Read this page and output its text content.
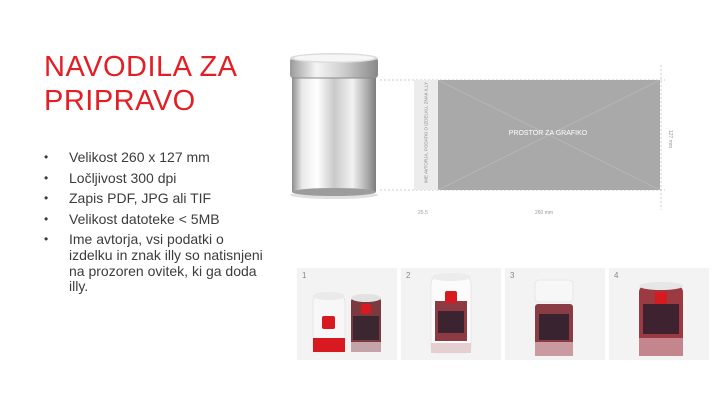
NAVODILA ZA PRIPRAVO
• Velikost 260 x 127 mm
• Ločljivost 300 dpi
• Zapis PDF, JPG ali TIF
• Velikost datoteke < 5MB
• Ime avtorja, vsi podatki o izdelku in znak illy so natisnjeni na prozoren ovitek, ki ga doda illy.
IME AVTORJA, PODATKI O IZDELKU, ZNAK ILLY	PROSTOR ZA GRAFIKO
25.5	260 mm
127 mm
1	2	3	4
